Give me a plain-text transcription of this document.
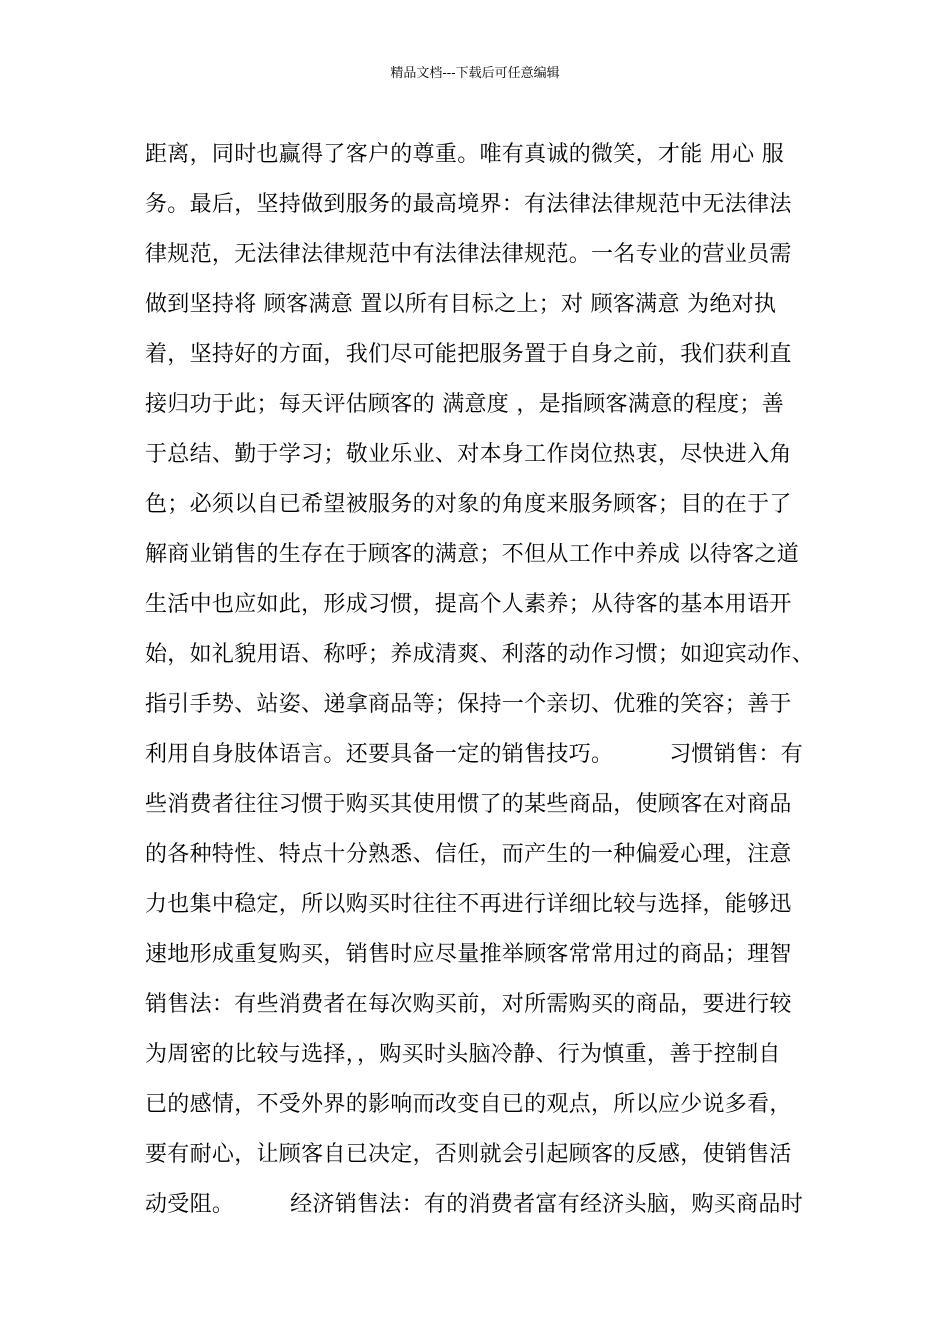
精品文档---下载后可任意编辑
距离，同时也赢得了客户的尊重。唯有真诚的微笑，才能 用心 服
务。最后，坚持做到服务的最高境界：有法律法律规范中无法律法
律规范，无法律法律规范中有法律法律规范。一名专业的营业员需
做到坚持将 顾客满意 置以所有目标之上；对 顾客满意 为绝对执
着，坚持好的方面，我们尽可能把服务置于自身之前，我们获利直
接归功于此；每天评估顾客的 满意度 ，是指顾客满意的程度；善
于总结、勤于学习；敬业乐业、对本身工作岗位热衷，尽快进入角
色；必须以自已希望被服务的对象的角度来服务顾客；目的在于了
解商业销售的生存在于顾客的满意；不但从工作中养成 以待客之道
生活中也应如此，形成习惯，提高个人素养；从待客的基本用语开
始，如礼貌用语、称呼；养成清爽、利落的动作习惯；如迎宾动作、
指引手势、站姿、递拿商品等；保持一个亲切、优雅的笑容；善于
利用自身肢体语言。还要具备一定的销售技巧。　　　习惯销售：有
些消费者往往习惯于购买其使用惯了的某些商品，使顾客在对商品
的各种特性、特点十分熟悉、信任，而产生的一种偏爱心理，注意
力也集中稳定，所以购买时往往不再进行详细比较与选择，能够迅
速地形成重复购买，销售时应尽量推举顾客常常用过的商品；理智
销售法：有些消费者在每次购买前，对所需购买的商品，要进行较
为周密的比较与选择，，购买时头脑冷静、行为慎重，善于控制自
已的感情，不受外界的影响而改变自已的观点，所以应少说多看，
要有耐心，让顾客自已决定，否则就会引起顾客的反感，使销售活
动受阻。　　　经济销售法：有的消费者富有经济头脑，购买商品时
